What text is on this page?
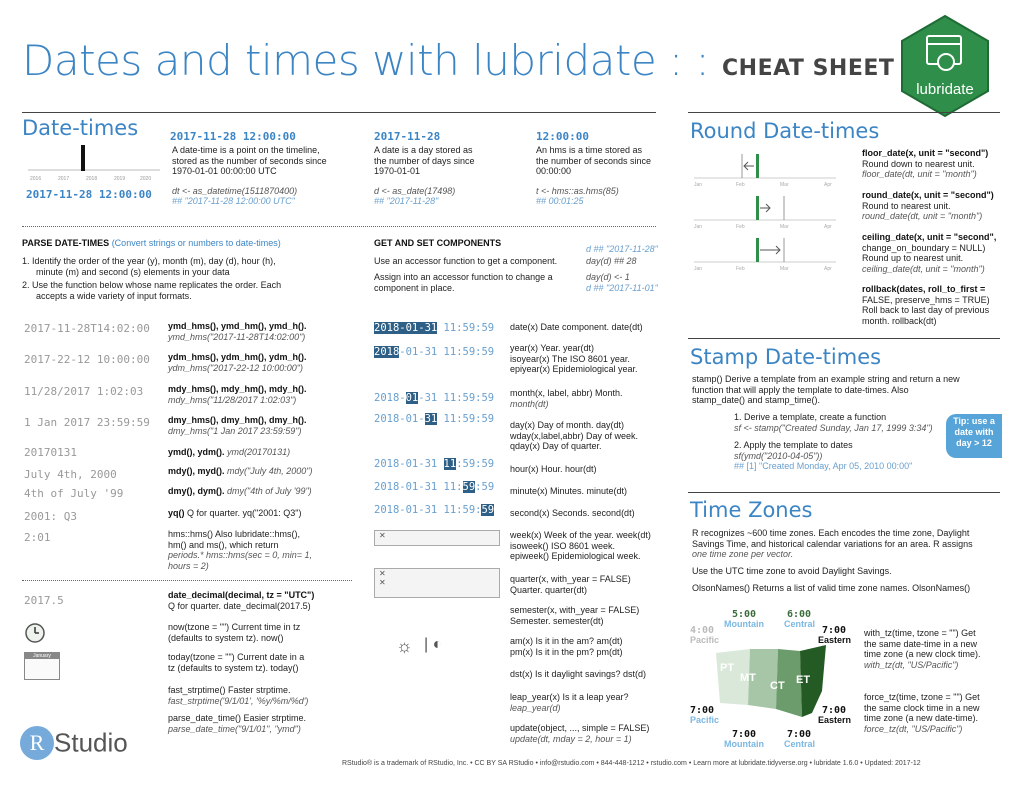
Dates and times with lubridate : : CHEAT SHEET
lubridate
Date-times	2017-11-28 12:00:00	2017-11-28	12:00:00
A date-time is a point on the timeline,
stored as the number of seconds since
1970-01-01 00:00:00 UTC
A date is a day stored as
the number of days since
1970-01-01
An hms is a time stored as
the number of seconds since
00:00:00
2016	2017	2018	2019	2020
2017-11-28 12:00:00 dt <- as_datetime(1511870400)
## "2017-11-28 12:00:00 UTC"
d <- as_date(17498)
## "2017-11-28"
t <- hms::as.hms(85)
## 00:01:25
PARSE DATE-TIMES (Convert strings or numbers to date-times)
1. Identify the order of the year (y), month (m), day (d), hour (h),
minute (m) and second (s) elements in your data
2. Use the function below whose name replicates the order. Each
accepts a wide variety of input formats.
GET AND SET COMPONENTS
d ## "2017-11-28"
Use an accessor function to get a component.	day(d) ## 28
Assign into an accessor function to change a	day(d) <- 1
component in place.	d ## "2017-11-01"
2017-11-28T14:02:00 ymd_hms(), ymd_hm(), ymd_h().
ymd_hms("2017-11-28T14:02:00")
2017-22-12 10:00:00 ydm_hms(), ydm_hm(), ydm_h().
ydm_hms("2017-22-12 10:00:00")
11/28/2017 1:02:03	mdy_hms(), mdy_hm(), mdy_h().
mdy_hms("11/28/2017 1:02:03")
1 Jan 2017 23:59:59 dmy_hms(), dmy_hm(), dmy_h().
dmy_hms("1 Jan 2017 23:59:59")
20170131	ymd(), ydm(). ymd(20170131)
July 4th, 2000	mdy(), myd(). mdy("July 4th, 2000")
4th of July '99	dmy(), dym(). dmy("4th of July '99")
2001: Q3	yq() Q for quarter. yq("2001: Q3")
2:01	hms::hms() Also lubridate::hms(),
hm() and ms(), which return
periods.* hms::hms(sec = 0, min= 1,
hours = 2)
2017.5	date_decimal(decimal, tz = "UTC")
Q for quarter. date_decimal(2017.5)
now(tzone = "") Current time in tz
(defaults to system tz). now()
January	today(tzone = "") Current date in a
tz (defaults to system tz). today()
fast_strptime() Faster strptime.
fast_strptime('9/1/01', '%y/%m/%d')
parse_date_time() Easier strptime.
parse_date_time("9/1/01", "ymd")
2018-01-31 11:59:59 date(x) Date component. date(dt)
2018-01-31 11:59:59 year(x) Year. year(dt)
isoyear(x) The ISO 8601 year.
epiyear(x) Epidemiological year.
2018-01-31 11:59:59 month(x, label, abbr) Month.
month(dt)
2018-01-31 11:59:59 day(x) Day of month. day(dt)
wday(x,label,abbr) Day of week.
qday(x) Day of quarter.
2018-01-31 11:59:59 hour(x) Hour. hour(dt)
2018-01-31 11:59:59 minute(x) Minutes. minute(dt)
2018-01-31 11:59:59 second(x) Seconds. second(dt)
✕	week(x) Week of the year. week(dt)
isoweek() ISO 8601 week.
epiweek() Epidemiological week.
✕
✕	quarter(x, with_year = FALSE)
Quarter. quarter(dt)
semester(x, with_year = FALSE)
Semester. semester(dt)
☼ | ◐	am(x) Is it in the am? am(dt)
pm(x) Is it in the pm? pm(dt)
dst(x) Is it daylight savings? dst(d)
leap_year(x) Is it a leap year?
leap_year(d)
update(object, ..., simple = FALSE)
update(dt, mday = 2, hour = 1)
Round Date-times
Jan	Feb	Mar	Apr
Jan	Feb	Mar	Apr
Jan	Feb	Mar	Apr
floor_date(x, unit = "second")
Round down to nearest unit.
floor_date(dt, unit = "month")
round_date(x, unit = "second")
Round to nearest unit.
round_date(dt, unit = "month")
ceiling_date(x, unit = "second",
change_on_boundary = NULL)
Round up to nearest unit.
ceiling_date(dt, unit = "month")
rollback(dates, roll_to_first =
FALSE, preserve_hms = TRUE)
Roll back to last day of previous
month. rollback(dt)
Stamp Date-times
stamp() Derive a template from an example string and return a new
function that will apply the template to date-times. Also
stamp_date() and stamp_time().
1. Derive a template, create a function
sf <- stamp("Created Sunday, Jan 17, 1999 3:34")
2. Apply the template to dates
sf(ymd("2010-04-05"))
## [1] "Created Monday, Apr 05, 2010 00:00"
Tip: use a date with day > 12
Time Zones
R recognizes ~600 time zones. Each encodes the time zone, Daylight
Savings Time, and historical calendar variations for an area. R assigns
one time zone per vector.
Use the UTC time zone to avoid Daylight Savings.
OlsonNames() Returns a list of valid time zone names. OlsonNames()
5:00	6:00
Mountain Central
4:00
Pacific
7:00
Eastern
PT
MT
CT ET
7:00
Pacific
7:00
Eastern
7:00	7:00
Mountain Central
with_tz(time, tzone = "") Get
the same date-time in a new
time zone (a new clock time).
with_tz(dt, "US/Pacific")
force_tz(time, tzone = "") Get
the same clock time in a new
time zone (a new date-time).
force_tz(dt, "US/Pacific")
R Studio
RStudio® is a trademark of RStudio, Inc. • CC BY SA RStudio • info@rstudio.com • 844-448-1212 • rstudio.com • Learn more at lubridate.tidyverse.org • lubridate 1.6.0 • Updated: 2017-12
